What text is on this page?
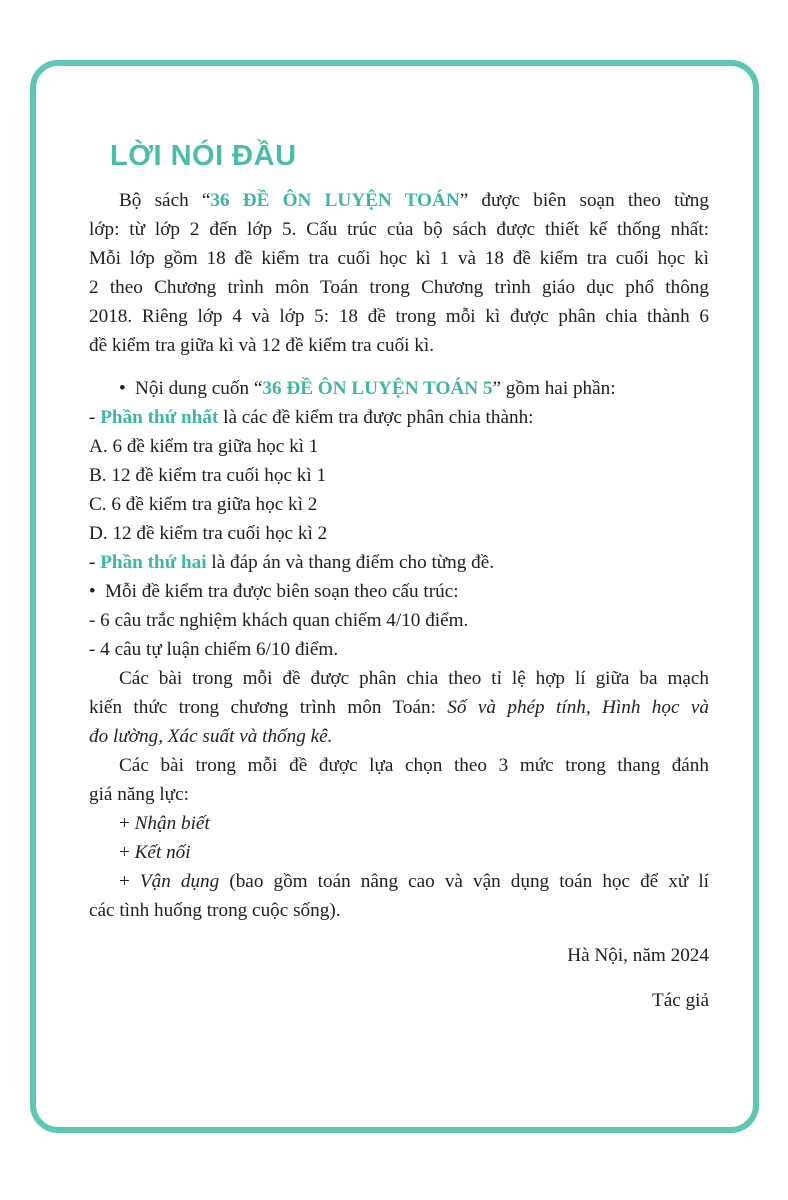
LỜI NÓI ĐẦU
Bộ sách “36 ĐỀ ÔN LUYỆN TOÁN” được biên soạn theo từng
lớp: từ lớp 2 đến lớp 5. Cấu trúc của bộ sách được thiết kế thống nhất:
Mỗi lớp gồm 18 đề kiểm tra cuối học kì 1 và 18 đề kiểm tra cuối học kì
2 theo Chương trình môn Toán trong Chương trình giáo dục phổ thông
2018. Riêng lớp 4 và lớp 5: 18 đề trong mỗi kì được phân chia thành 6
đề kiểm tra giữa kì và 12 đề kiểm tra cuối kì.
• Nội dung cuốn “36 ĐỀ ÔN LUYỆN TOÁN 5” gồm hai phần:
- Phần thứ nhất là các đề kiểm tra được phân chia thành:
A. 6 đề kiểm tra giữa học kì 1
B. 12 đề kiểm tra cuối học kì 1
C. 6 đề kiểm tra giữa học kì 2
D. 12 đề kiểm tra cuối học kì 2
- Phần thứ hai là đáp án và thang điểm cho từng đề.
• Mỗi đề kiểm tra được biên soạn theo cấu trúc:
- 6 câu trắc nghiệm khách quan chiếm 4/10 điểm.
- 4 câu tự luận chiếm 6/10 điểm.
Các bài trong mỗi đề được phân chia theo tỉ lệ hợp lí giữa ba mạch
kiến thức trong chương trình môn Toán: Số và phép tính, Hình học và
đo lường, Xác suất và thống kê.
Các bài trong mỗi đề được lựa chọn theo 3 mức trong thang đánh
giá năng lực:
+ Nhận biết
+ Kết nối
+ Vận dụng (bao gồm toán nâng cao và vận dụng toán học để xử lí
các tình huống trong cuộc sống).
Hà Nội, năm 2024
Tác giả
